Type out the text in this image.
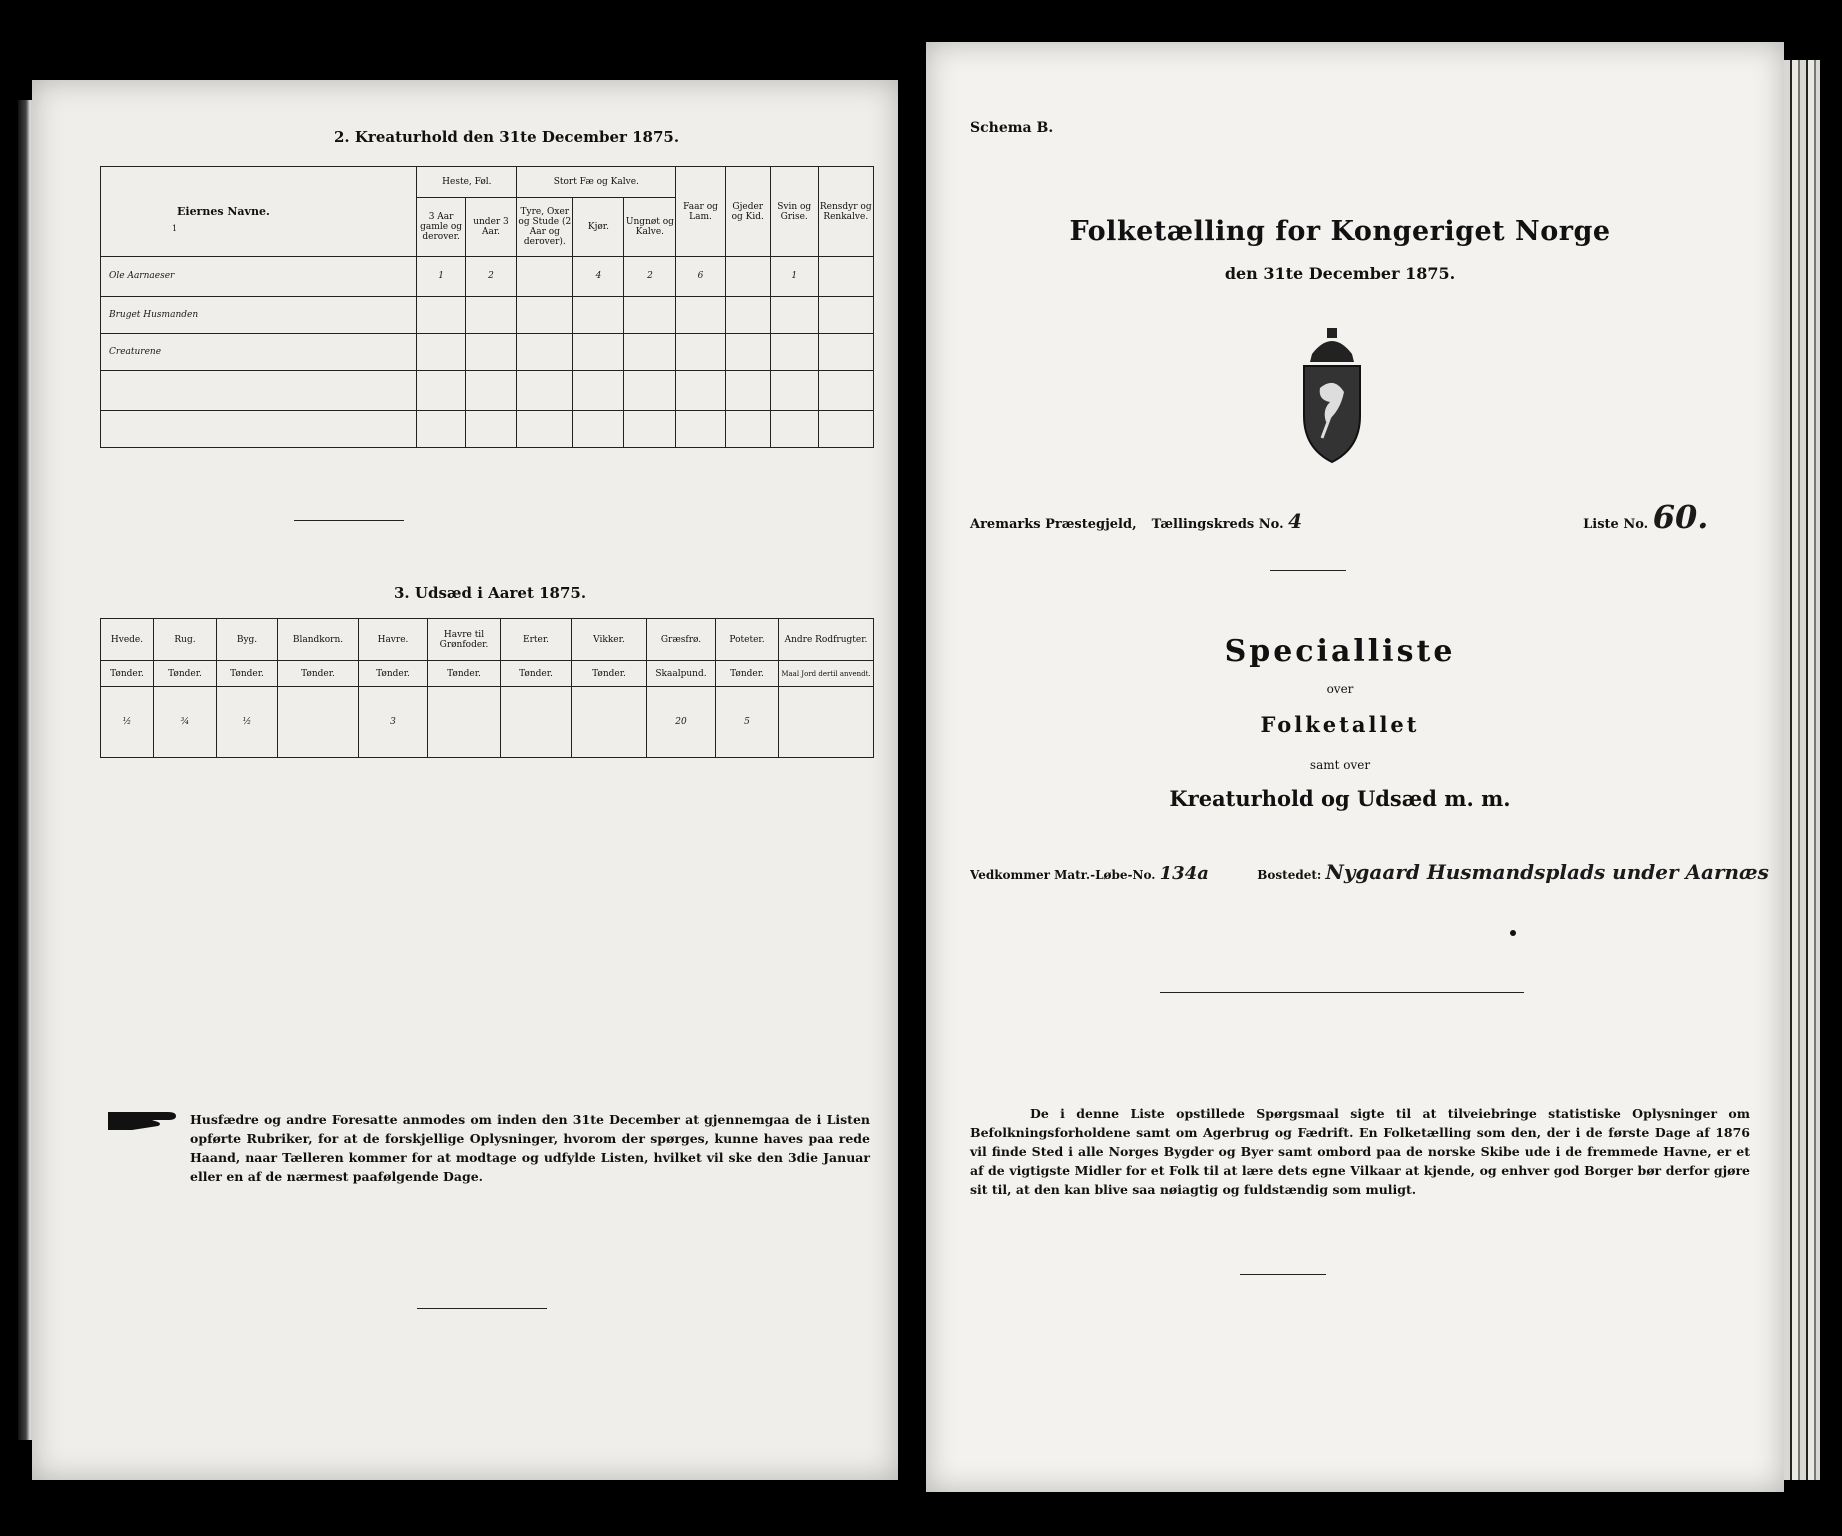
2. Kreaturhold den 31te December 1875.
Eiernes Navne.	Heste, Føl.		Stort Fæ og Kalve.			Faar og Lam.	Gjeder og Kid.	Svin og Grise.	Rensdyr og Renkalve.
	3 Aar gamle og derover.	under 3 Aar.	Tyre, Oxer og Stude (2 Aar og derover).	Kjør.	Ungnøt og Kalve.				
Ole Aarnaeser	1	2		4	2	6		1	
Bruget Husmanden									
Creaturene									

1
3. Udsæd i Aaret 1875.
Hvede.	Rug.	Byg.	Blandkorn.	Havre.	Havre til Grønfoder.	Erter.	Vikker.	Græsfrø.	Poteter.	Andre Rodfrugter.
Tønder.	Tønder.	Tønder.	Tønder.	Tønder.	Tønder.	Tønder.	Tønder.	Skaalpund.	Tønder.	Maal Jord dertil anvendt.
½	¾	½		3				20	5	
Husfædre og andre Foresatte anmodes om inden den 31te December at gjennemgaa de i Listen opførte Rubriker, for at de forskjellige Oplysninger, hvorom der spørges, kunne haves paa rede Haand, naar Tælleren kommer for at modtage og udfylde Listen, hvilket vil ske den 3die Januar eller en af de nærmest paafølgende Dage.
Schema B.
Folketælling for Kongeriget Norge
den 31te December 1875.
Aremarks Præstegjeld, Tællingskreds No. 4	Liste No. 60.
Specialliste
over
Folketallet
samt over
Kreaturhold og Udsæd m. m.
Vedkommer Matr.-Løbe-No. 134a	Bostedet: Nygaard Husmandsplads under Aarnæs
De i denne Liste opstillede Spørgsmaal sigte til at tilveiebringe statistiske Oplysninger om Befolkningsforholdene samt om Agerbrug og Fædrift. En Folketælling som den, der i de første Dage af 1876 vil finde Sted i alle Norges Bygder og Byer samt ombord paa de norske Skibe ude i de fremmede Havne, er et af de vigtigste Midler for et Folk til at lære dets egne Vilkaar at kjende, og enhver god Borger bør derfor gjøre sit til, at den kan blive saa nøiagtig og fuldstændig som muligt.
